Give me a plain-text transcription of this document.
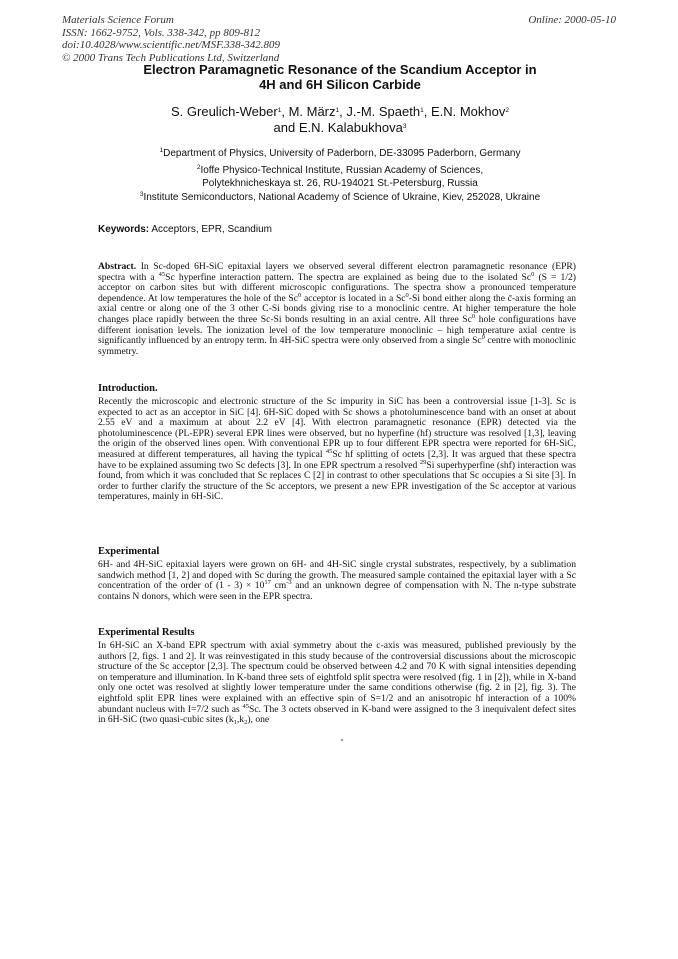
Materials Science Forum
ISSN: 1662-9752, Vols. 338-342, pp 809-812
doi:10.4028/www.scientific.net/MSF.338-342.809
© 2000 Trans Tech Publications Ltd, Switzerland
Online: 2000-05-10
Electron Paramagnetic Resonance of the Scandium Acceptor in
4H and 6H Silicon Carbide
S. Greulich-Weber$^1$, M. März$^1$, J.-M. Spaeth$^1$, E.N. Mokhov$^2$
and E.N. Kalabukhova$^3$
$^1$Department of Physics, University of Paderborn, DE-33095 Paderborn, Germany
$^2$Ioffe Physico-Technical Institute, Russian Academy of Sciences,
Polytekhnicheskaya st. 26, RU-194021 St.-Petersburg, Russia
$^3$Institute Semiconductors, National Academy of Science of Ukraine, Kiev, 252028, Ukraine
Keywords: Acceptors, EPR, Scandium
Abstract. In Sc-doped 6H-SiC epitaxial layers we observed several different electron paramagnetic resonance (EPR) spectra with a $^{45}$Sc hyperfine interaction pattern. The spectra are explained as being due to the isolated Sc$^0$ (S = 1/2) acceptor on carbon sites but with different microscopic configurations. The spectra show a pronounced temperature dependence. At low temperatures the hole of the Sc$^0$ acceptor is located in a Sc$^0$-Si bond either along the c̄-axis forming an axial centre or along one of the 3 other C-Si bonds giving rise to a monoclinic centre. At higher temperature the hole changes place rapidly between the three Sc-Si bonds resulting in an axial centre. All three Sc$^0$ hole configurations have different ionisation levels. The ionization level of the low temperature monoclinic – high temperature axial centre is significantly influenced by an entropy term. In 4H-SiC spectra were only observed from a single Sc$^0$ centre with monoclinic symmetry.
Introduction.
Recently the microscopic and electronic structure of the Sc impurity in SiC has been a controversial issue [1-3]. Sc is expected to act as an acceptor in SiC [4]. 6H-SiC doped with Sc shows a photoluminescence band with an onset at about 2.55 eV and a maximum at about 2.2 eV [4]. With electron paramagnetic resonance (EPR) detected via the photoluminescence (PL-EPR) several EPR lines were observed, but no hyperfine (hf) structure was resolved [1,3], leaving the origin of the observed lines open. With conventional EPR up to four different EPR spectra were reported for 6H-SiC, measured at different temperatures, all having the typical $^{45}$Sc hf splitting of octets [2,3]. It was argued that these spectra have to be explained assuming two Sc defects [3]. In one EPR spectrum a resolved $^{29}$Si superhyperfine (shf) interaction was found, from which it was concluded that Sc replaces C [2] in contrast to other speculations that Sc occupies a Si site [3]. In order to further clarify the structure of the Sc acceptors, we present a new EPR investigation of the Sc acceptor at various temperatures, mainly in 6H-SiC.
Experimental
6H- and 4H-SiC epitaxial layers were grown on 6H- and 4H-SiC single crystal substrates, respectively, by a sublimation sandwich method [1, 2] and doped with Sc during the growth. The measured sample contained the epitaxial layer with a Sc concentration of the order of $(1 - 3) \times 10^{17}$ $cm^{-3}$ and an unknown degree of compensation with N. The n-type substrate contains N donors, which were seen in the EPR spectra.
Experimental Results
In 6H-SiC an X-band EPR spectrum with axial symmetry about the c-axis was measured, published previously by the authors [2, figs. 1 and 2]. It was reinvestigated in this study because of the controversial discussions about the microscopic structure of the Sc acceptor [2,3]. The spectrum could be observed between 4.2 and 70 K with signal intensities depending on temperature and illumination. In K-band three sets of eightfold split spectra were resolved (fig. 1 in [2]), while in X-band only one octet was resolved at slightly lower temperature under the same conditions otherwise (fig. 2 in [2], fig. 3). The eightfold split EPR lines were explained with an effective spin of S=1/2 and an anisotropic hf interaction of a 100% abundant nucleus with I=7/2 such as $^{45}$Sc. The 3 octets observed in K-band were assigned to the 3 inequivalent defect sites in 6H-SiC (two quasi-cubic sites $(k_1,k_2)$, one
